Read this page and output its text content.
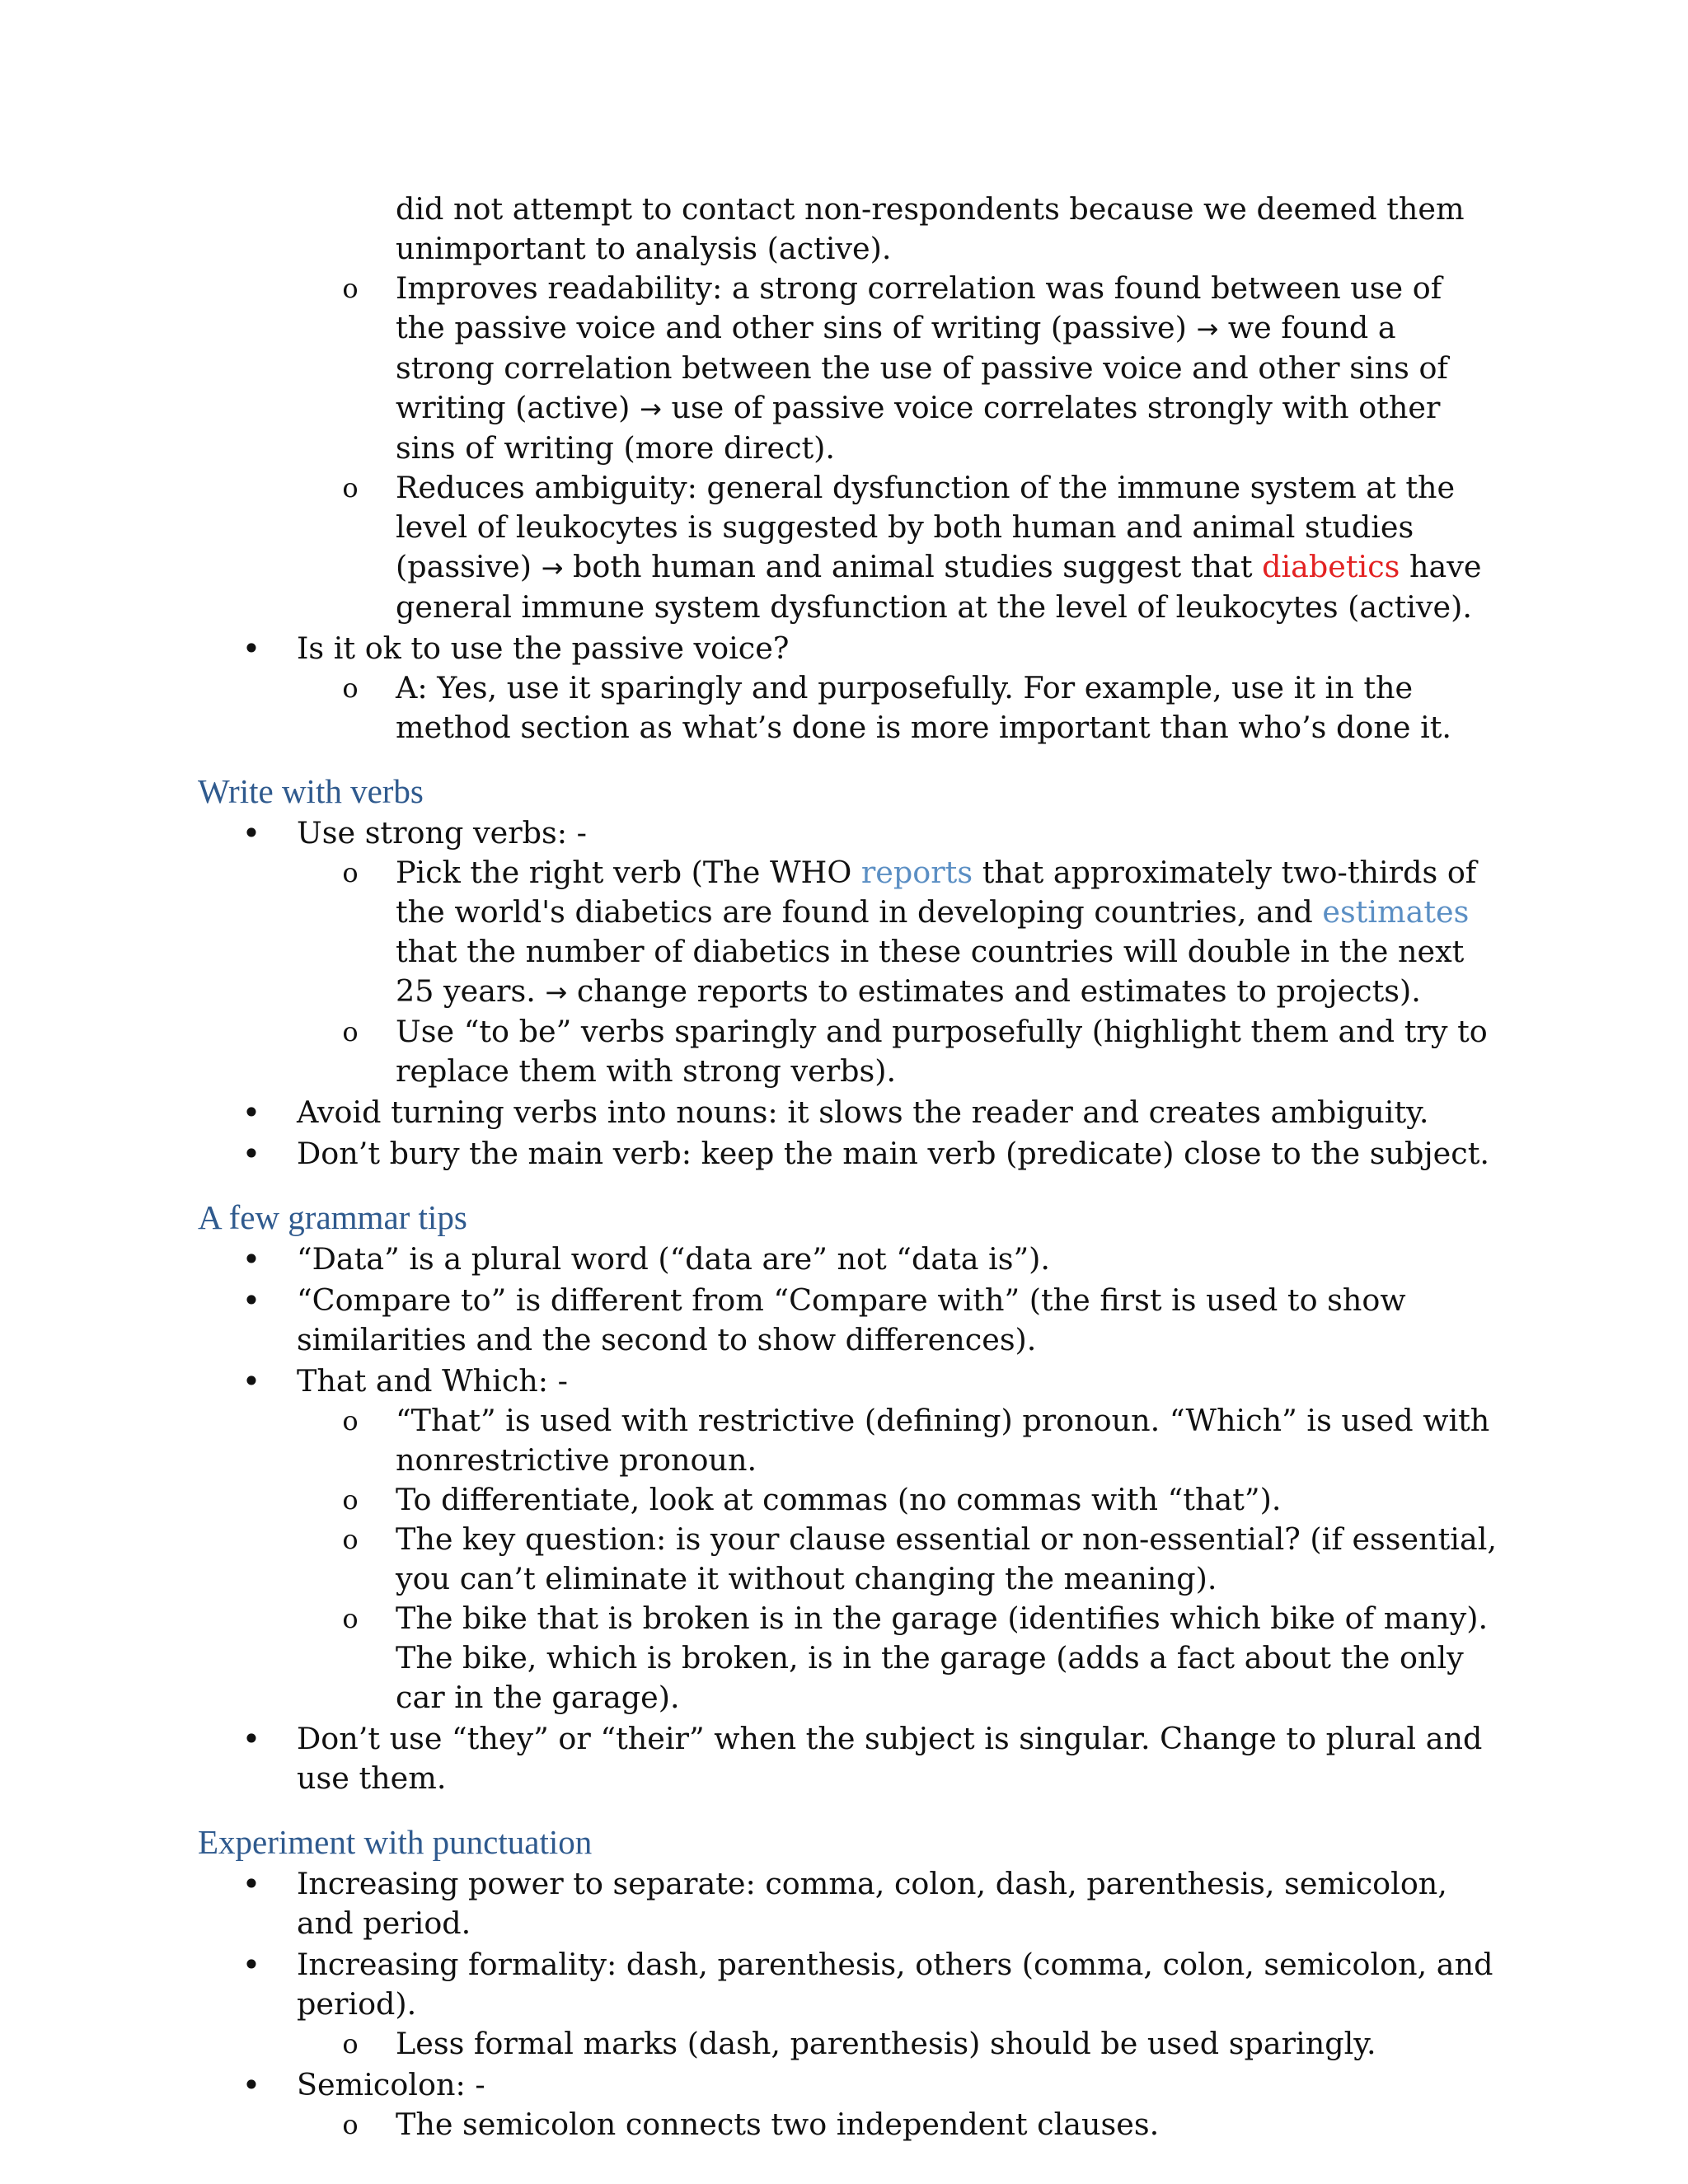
did not attempt to contact non-respondents because we deemed them unimportant to analysis (active).
o Improves readability: a strong correlation was found between use of the passive voice and other sins of writing (passive) → we found a strong correlation between the use of passive voice and other sins of writing (active) → use of passive voice correlates strongly with other sins of writing (more direct).
o Reduces ambiguity: general dysfunction of the immune system at the level of leukocytes is suggested by both human and animal studies (passive) → both human and animal studies suggest that diabetics have general immune system dysfunction at the level of leukocytes (active).
• Is it ok to use the passive voice?
o A: Yes, use it sparingly and purposefully. For example, use it in the method section as what’s done is more important than who’s done it.
Write with verbs
• Use strong verbs: -
o Pick the right verb (The WHO reports that approximately two-thirds of the world's diabetics are found in developing countries, and estimates that the number of diabetics in these countries will double in the next 25 years. → change reports to estimates and estimates to projects).
o Use “to be” verbs sparingly and purposefully (highlight them and try to replace them with strong verbs).
• Avoid turning verbs into nouns: it slows the reader and creates ambiguity.
• Don’t bury the main verb: keep the main verb (predicate) close to the subject.
A few grammar tips
• “Data” is a plural word (“data are” not “data is”).
• “Compare to” is different from “Compare with” (the first is used to show similarities and the second to show differences).
• That and Which: -
o “That” is used with restrictive (defining) pronoun. “Which” is used with nonrestrictive pronoun.
o To differentiate, look at commas (no commas with “that”).
o The key question: is your clause essential or non-essential? (if essential, you can’t eliminate it without changing the meaning).
o The bike that is broken is in the garage (identifies which bike of many). The bike, which is broken, is in the garage (adds a fact about the only car in the garage).
• Don’t use “they” or “their” when the subject is singular. Change to plural and use them.
Experiment with punctuation
• Increasing power to separate: comma, colon, dash, parenthesis, semicolon, and period.
• Increasing formality: dash, parenthesis, others (comma, colon, semicolon, and period).
o Less formal marks (dash, parenthesis) should be used sparingly.
• Semicolon: -
o The semicolon connects two independent clauses.
